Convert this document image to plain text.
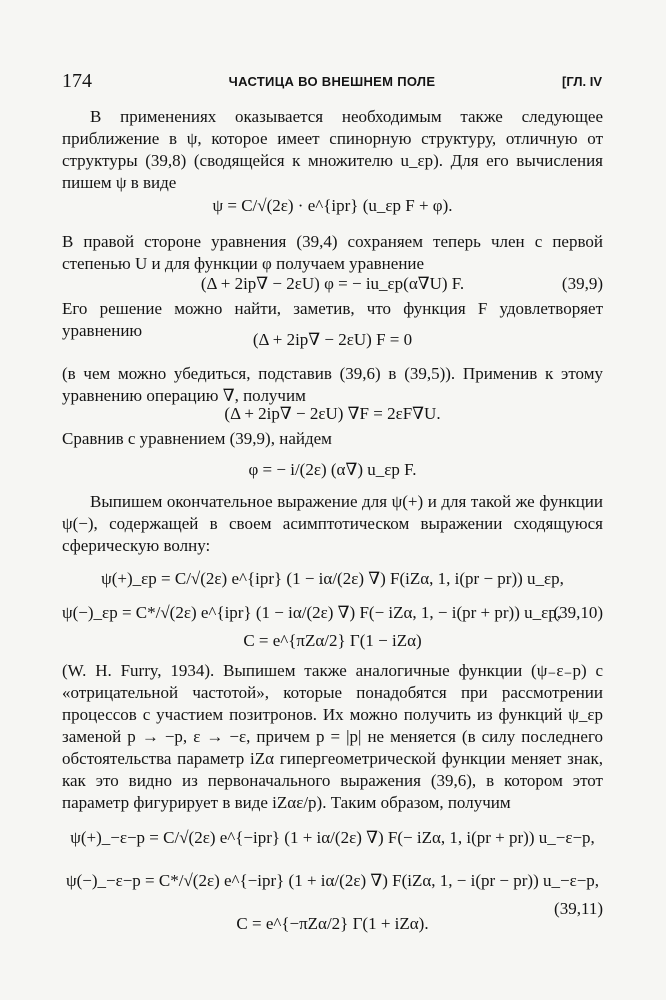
174	ЧАСТИЦА ВО ВНЕШНЕМ ПОЛЕ	[ГЛ. IV
В применениях оказывается необходимым также следующее приближение в ψ, которое имеет спинорную структуру, отличную от структуры (39,8) (сводящейся к множителю u_εp). Для его вычисления пишем ψ в виде
ψ = C/√(2ε) · e^{ipr} (u_εp F + φ).
В правой стороне уравнения (39,4) сохраняем теперь член с первой степенью U и для функции φ получаем уравнение
(Δ + 2ip∇ − 2εU) φ = − iu_εp(α∇U) F.	(39,9)
Его решение можно найти, заметив, что функция F удовлетворяет уравнению	(Δ + 2ip∇ − 2εU) F = 0
(в чем можно убедиться, подставив (39,6) в (39,5)). Применив к этому уравнению операцию ∇, получим
(Δ + 2ip∇ − 2εU) ∇F = 2εF∇U.
Сравнив с уравнением (39,9), найдем
φ = − i/(2ε) (α∇) u_εp F.
Выпишем окончательное выражение для ψ(+) и для такой же функции ψ(−), содержащей в своем асимптотическом выражении сходящуюся сферическую волну:
ψ(+)_εp = C/√(2ε) e^{ipr} (1 − iα/(2ε) ∇) F(iZα, 1, i(pr − pr)) u_εp,
ψ(−)_εp = C*/√(2ε) e^{ipr} (1 − iα/(2ε) ∇) F(− iZα, 1, − i(pr + pr)) u_εp,
(39,10)
C = e^{πZα/2} Γ(1 − iZα)
(W. H. Furry, 1934). Выпишем также аналогичные функции (ψ₋ε₋p) с «отрицательной частотой», которые понадобятся при рассмотрении процессов с участием позитронов. Их можно получить из функций ψ_εp заменой p → −p, ε → −ε, причем p = |p| не меняется (в силу последнего обстоятельства параметр iZα гипергеометрической функции меняет знак, как это видно из первоначального выражения (39,6), в котором этот параметр фигурирует в виде iZαε/p). Таким образом, получим
ψ(+)_−ε−p = C/√(2ε) e^{−ipr} (1 + iα/(2ε) ∇) F(− iZα, 1, i(pr + pr)) u_−ε−p,
ψ(−)_−ε−p = C*/√(2ε) e^{−ipr} (1 + iα/(2ε) ∇) F(iZα, 1, − i(pr − pr)) u_−ε−p,
(39,11)
C = e^{−πZα/2} Γ(1 + iZα).
